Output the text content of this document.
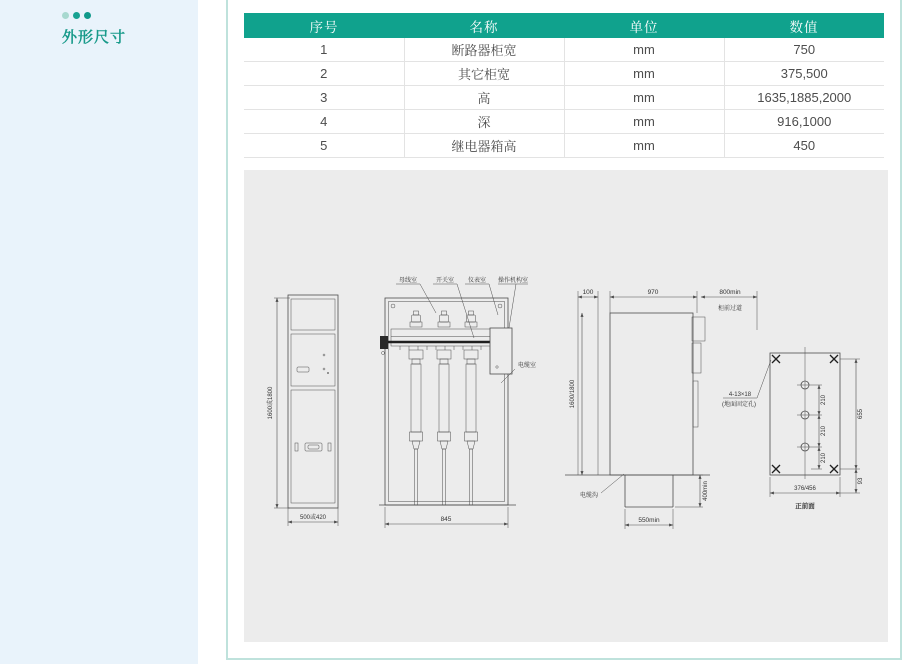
外形尺寸
序号	名称	单位	数值
1	断路器柜宽	mm	750
2	其它柜宽	mm	375,500
3	高	mm	1635,1885,2000
4	深	mm	916,1000
5	继电器箱高	mm	450
1600或1800
500或420
母线室	开关室 仪表室 操作机构室
电缆室
845
100	970	800min
柜前过道
1600/1800
电缆沟
550min
400min
4-13×18
(地面固定孔)	210
210
210
655
93
376/456
正前面
